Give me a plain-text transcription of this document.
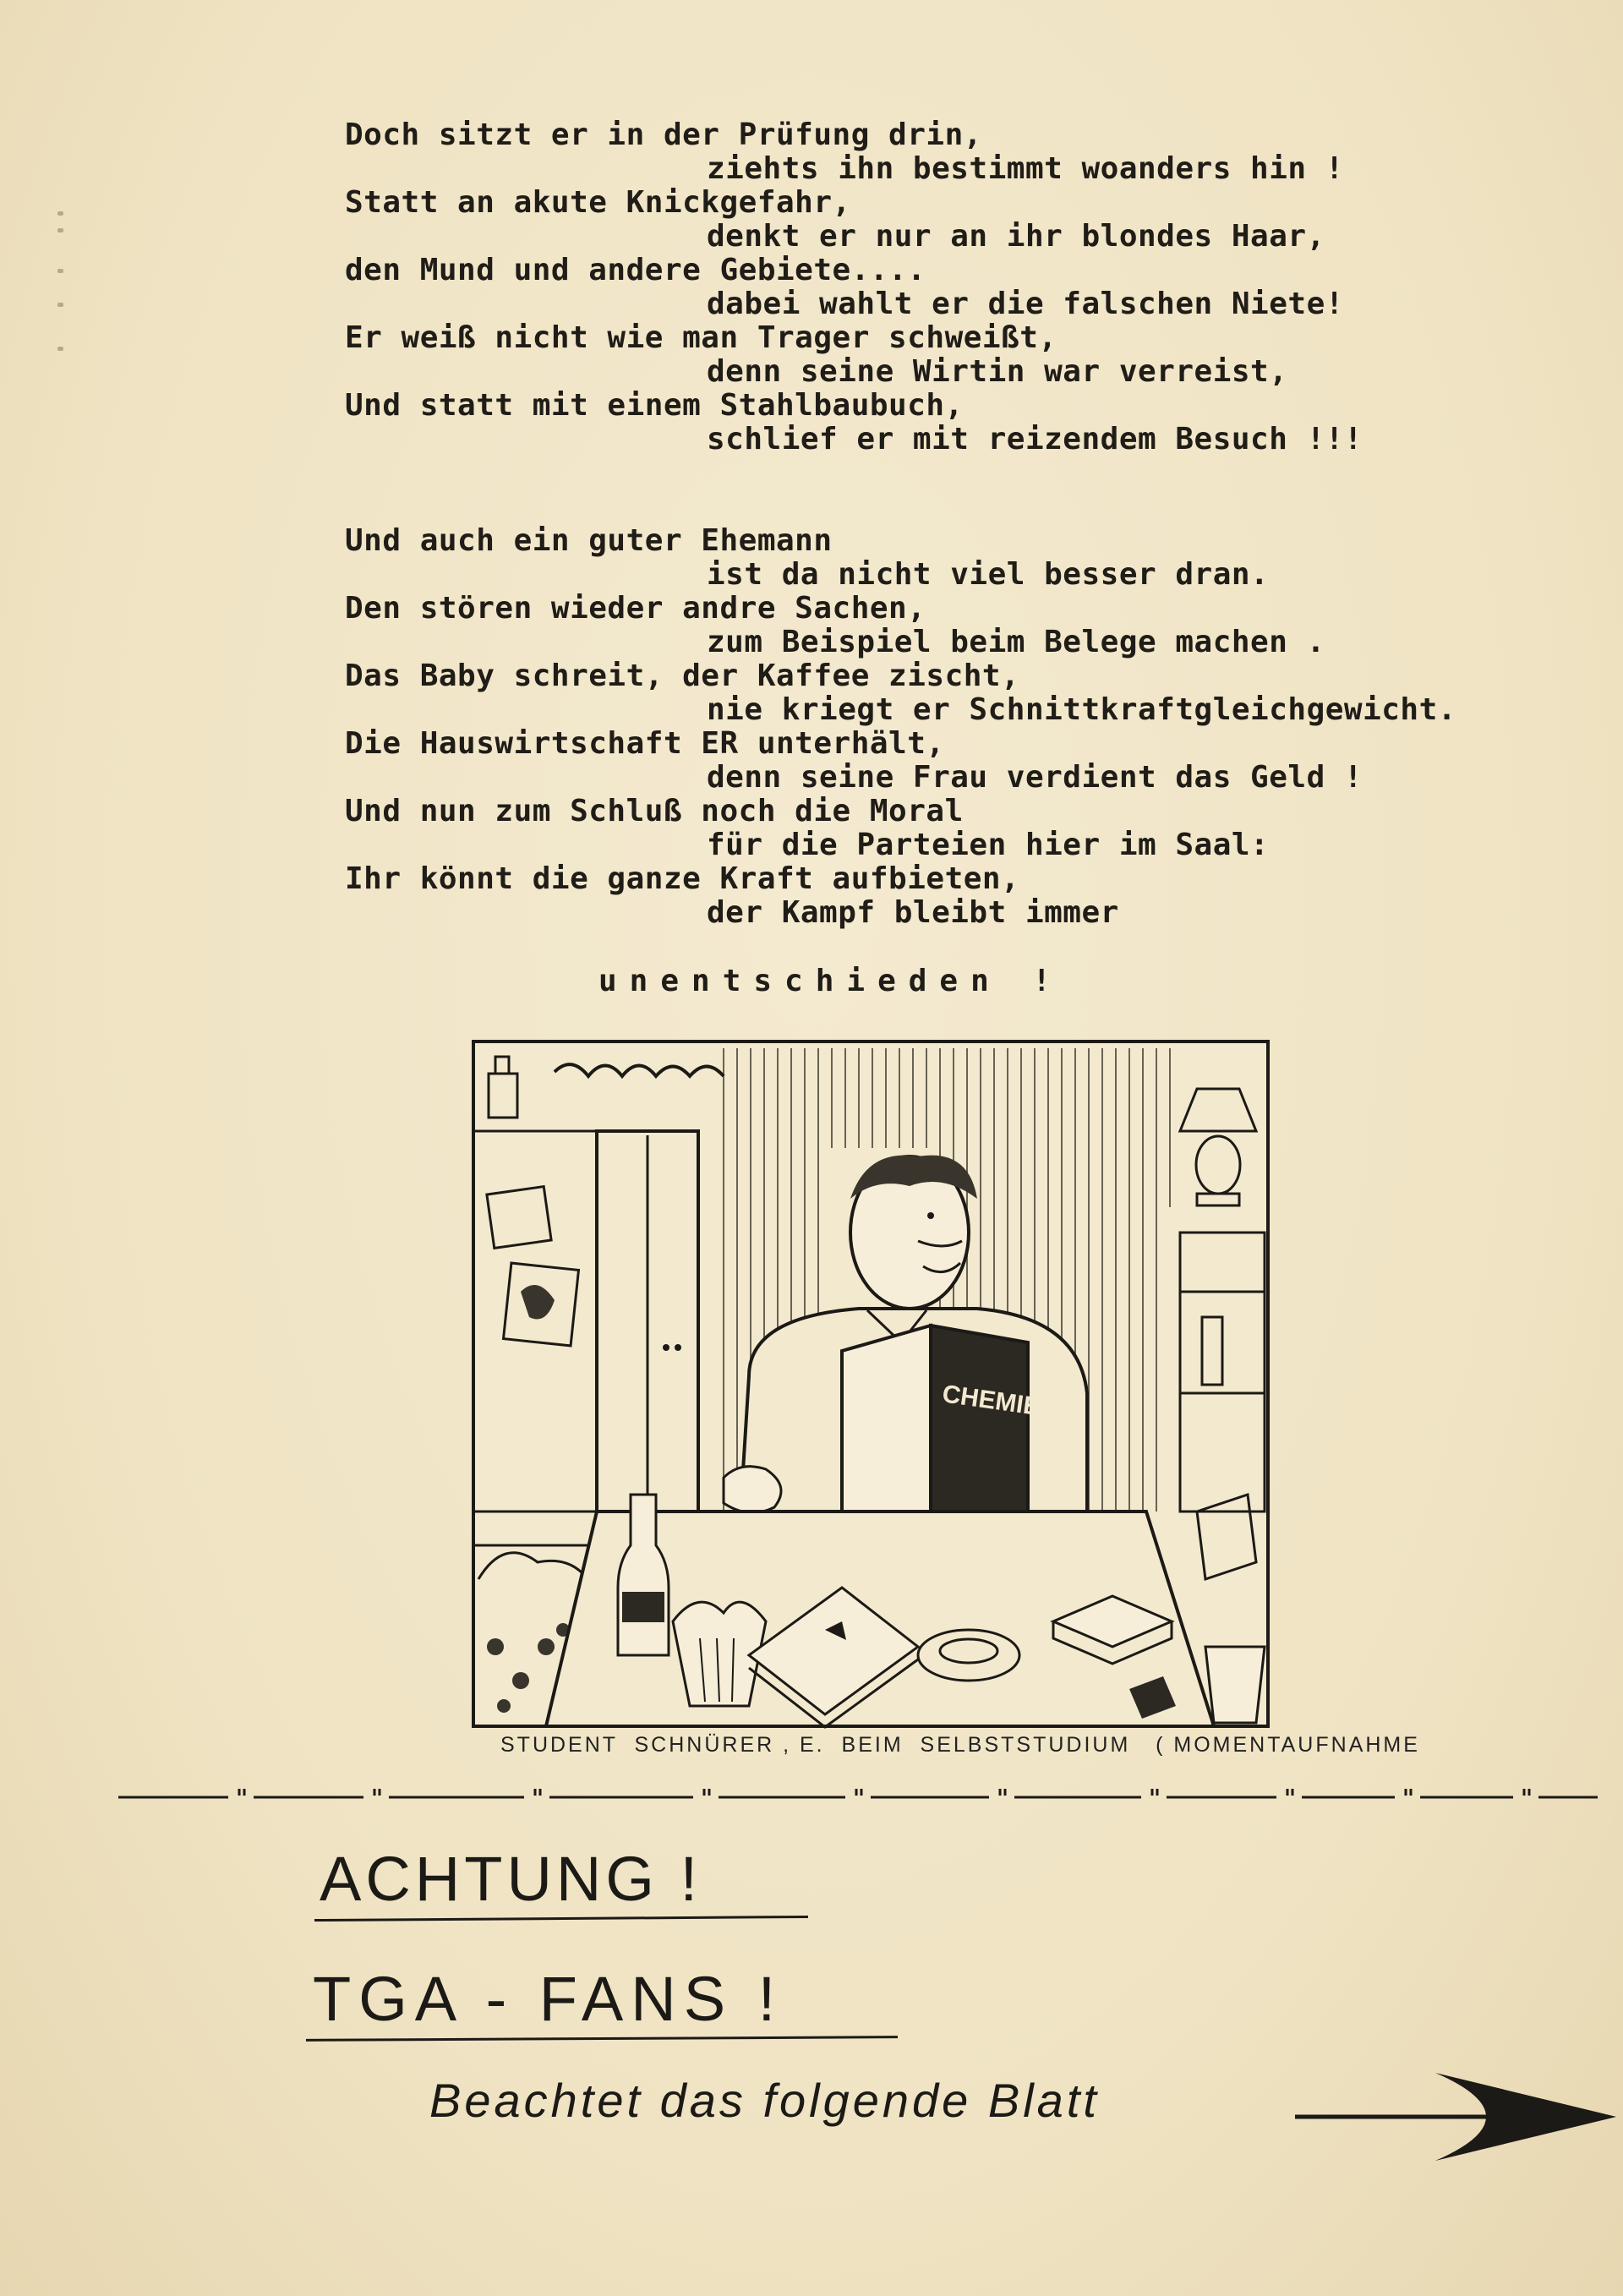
Doch sitzt er in der Prüfung drin,
ziehts ihn bestimmt woanders hin !
Statt an akute Knickgefahr,
denkt er nur an ihr blondes Haar,
den Mund und andere Gebiete....
dabei wahlt er die falschen Niete!
Er weiß nicht wie man Trager schweißt,
denn seine Wirtin war verreist,
Und statt mit einem Stahlbaubuch,
schlief er mit reizendem Besuch !!!
Und auch ein guter Ehemann
ist da nicht viel besser dran.
Den stören wieder andre Sachen,
zum Beispiel beim Belege machen .
Das Baby schreit, der Kaffee zischt,
nie kriegt er Schnittkraftgleichgewicht.
Die Hauswirtschaft ER unterhält,
denn seine Frau verdient das Geld !
Und nun zum Schluß noch die Moral
für die Parteien hier im Saal:
Ihr könnt die ganze Kraft aufbieten,
der Kampf bleibt immer
unentschieden !
CHEMIE
STUDENT  SCHNÜRER , E.  BEIM  SELBSTSTUDIUM   ( MOMENTAUFNAHME
ACHTUNG !
TGA - FANS !
Beachtet das folgende Blatt
